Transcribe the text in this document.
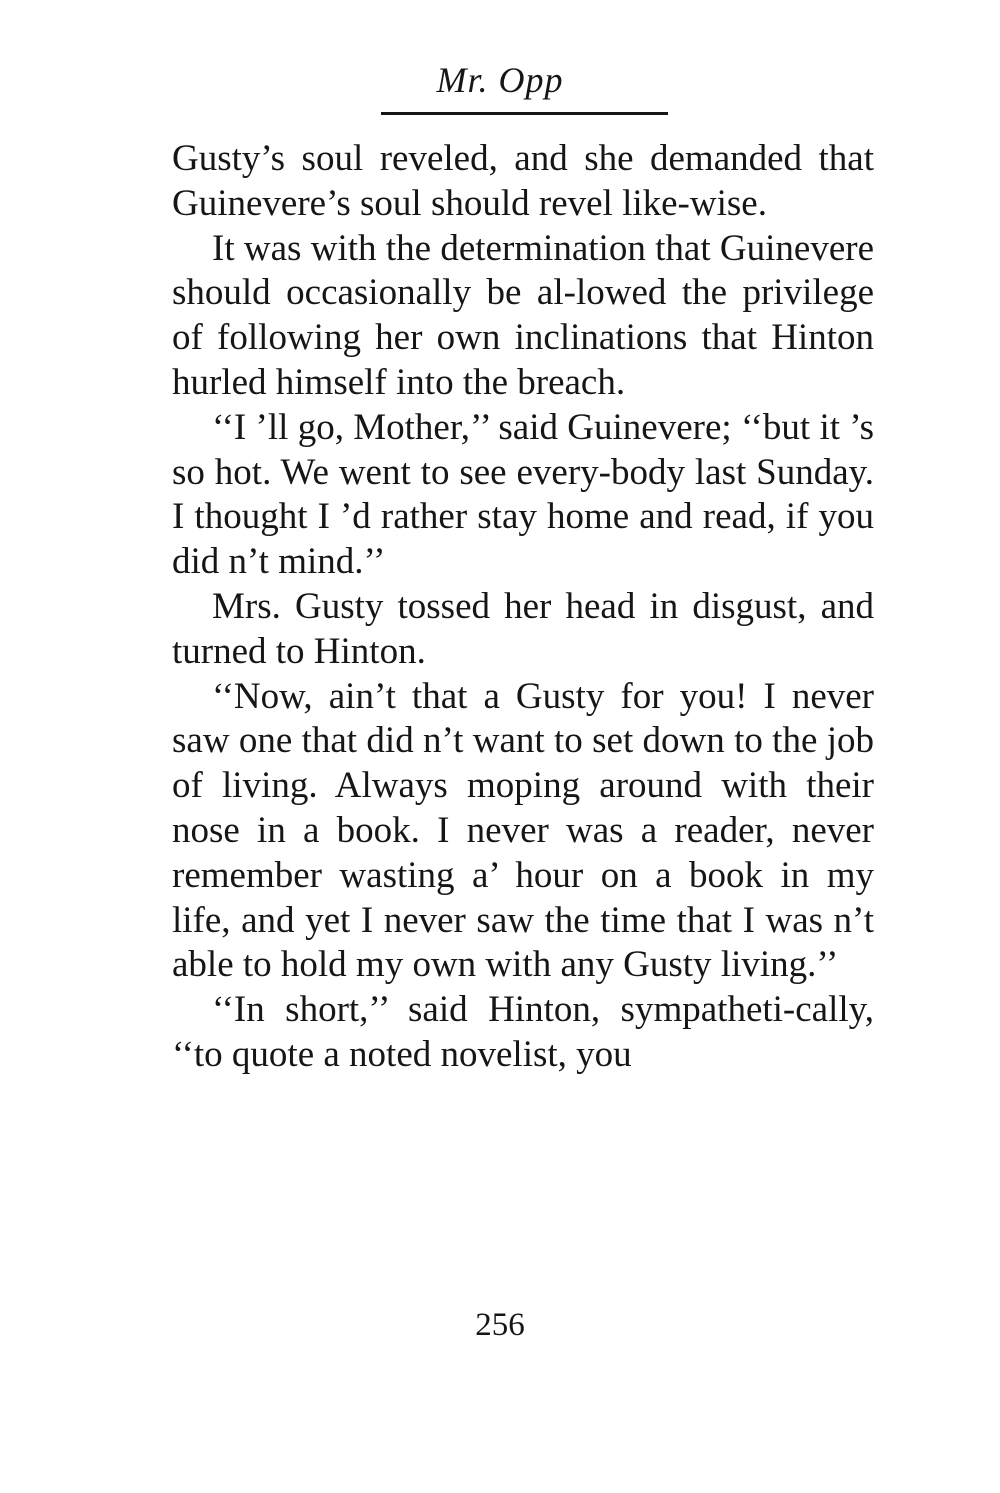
Mr. Opp

Gusty’s soul reveled, and she demanded that Guinevere’s soul should revel like-wise.

It was with the determination that Guinevere should occasionally be al-lowed the privilege of following her own inclinations that Hinton hurled himself into the breach.

‘‘I ’ll go, Mother,’’ said Guinevere; ‘‘but it ’s so hot. We went to see every-body last Sunday. I thought I ’d rather stay home and read, if you did n’t mind.’’

Mrs. Gusty tossed her head in disgust, and turned to Hinton.

‘‘Now, ain’t that a Gusty for you! I never saw one that did n’t want to set down to the job of living. Always moping around with their nose in a book. I never was a reader, never remember wasting a’ hour on a book in my life, and yet I never saw the time that I was n’t able to hold my own with any Gusty living.’’

‘‘In short,’’ said Hinton, sympatheti-cally, ‘‘to quote a noted novelist, you

256
